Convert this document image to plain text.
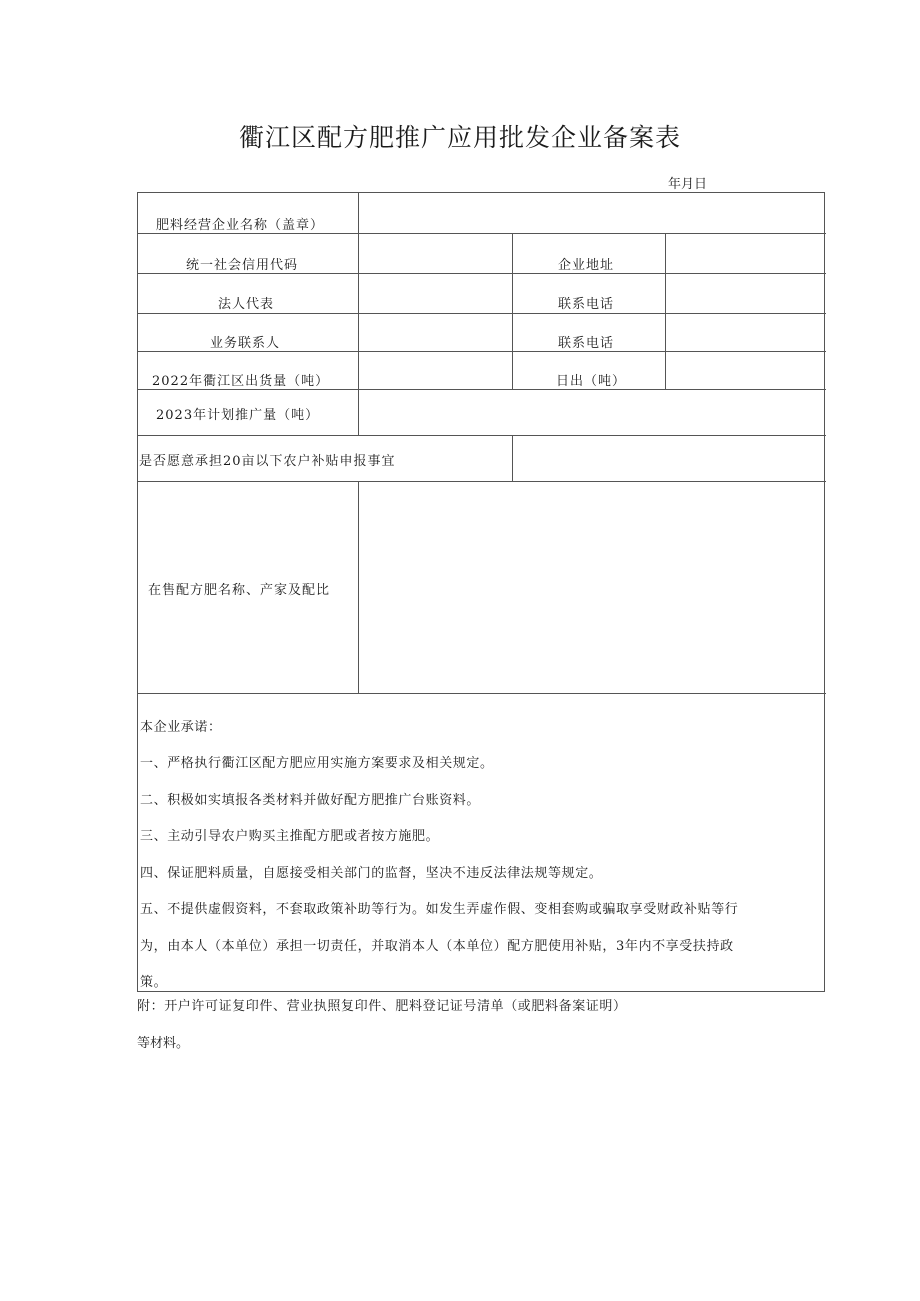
衢江区配方肥推广应用批发企业备案表
年月日
肥料经营企业名称（盖章）
统一社会信用代码	企业地址
法人代表	联系电话
业务联系人	联系电话
2022年衢江区出货量（吨）	日出（吨）
2023年计划推广量（吨）
是否愿意承担20亩以下农户补贴申报事宜
在售配方肥名称、产家及配比
本企业承诺：
一、严格执行衢江区配方肥应用实施方案要求及相关规定。
二、积极如实填报各类材料并做好配方肥推广台账资料。
三、主动引导农户购买主推配方肥或者按方施肥。
四、保证肥料质量，自愿接受相关部门的监督，坚决不违反法律法规等规定。
五、不提供虚假资料，不套取政策补助等行为。如发生弄虚作假、变相套购或骗取享受财政补贴等行
为，由本人（本单位）承担一切责任，并取消本人（本单位）配方肥使用补贴，3年内不享受扶持政
策。
附：开户许可证复印件、营业执照复印件、肥料登记证号清单（或肥料备案证明）
等材料。
